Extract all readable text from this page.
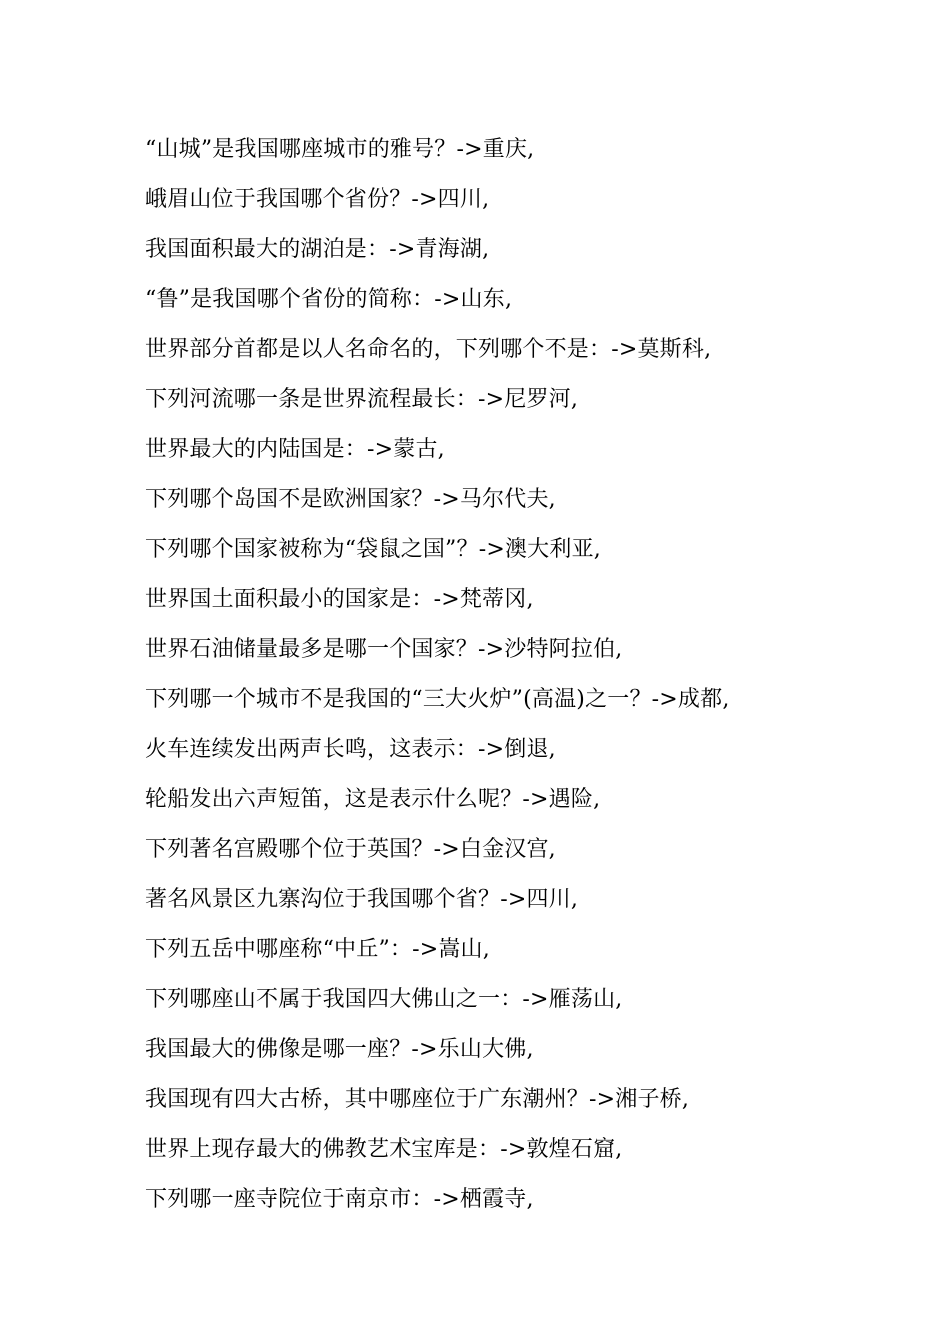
“山城”是我国哪座城市的雅号？->重庆,
峨眉山位于我国哪个省份？->四川,
我国面积最大的湖泊是：->青海湖,
“鲁”是我国哪个省份的简称：->山东,
世界部分首都是以人名命名的，下列哪个不是：->莫斯科,
下列河流哪一条是世界流程最长：->尼罗河,
世界最大的内陆国是：->蒙古,
下列哪个岛国不是欧洲国家？->马尔代夫,
下列哪个国家被称为“袋鼠之国”？->澳大利亚,
世界国土面积最小的国家是：->梵蒂冈,
世界石油储量最多是哪一个国家？->沙特阿拉伯,
下列哪一个城市不是我国的“三大火炉”(高温)之一？->成都,
火车连续发出两声长鸣，这表示：->倒退,
轮船发出六声短笛，这是表示什么呢？->遇险,
下列著名宫殿哪个位于英国？->白金汉宫,
著名风景区九寨沟位于我国哪个省？->四川,
下列五岳中哪座称“中丘”：->嵩山,
下列哪座山不属于我国四大佛山之一：->雁荡山,
我国最大的佛像是哪一座？->乐山大佛,
我国现有四大古桥，其中哪座位于广东潮州？->湘子桥,
世界上现存最大的佛教艺术宝库是：->敦煌石窟,
下列哪一座寺院位于南京市：->栖霞寺,
